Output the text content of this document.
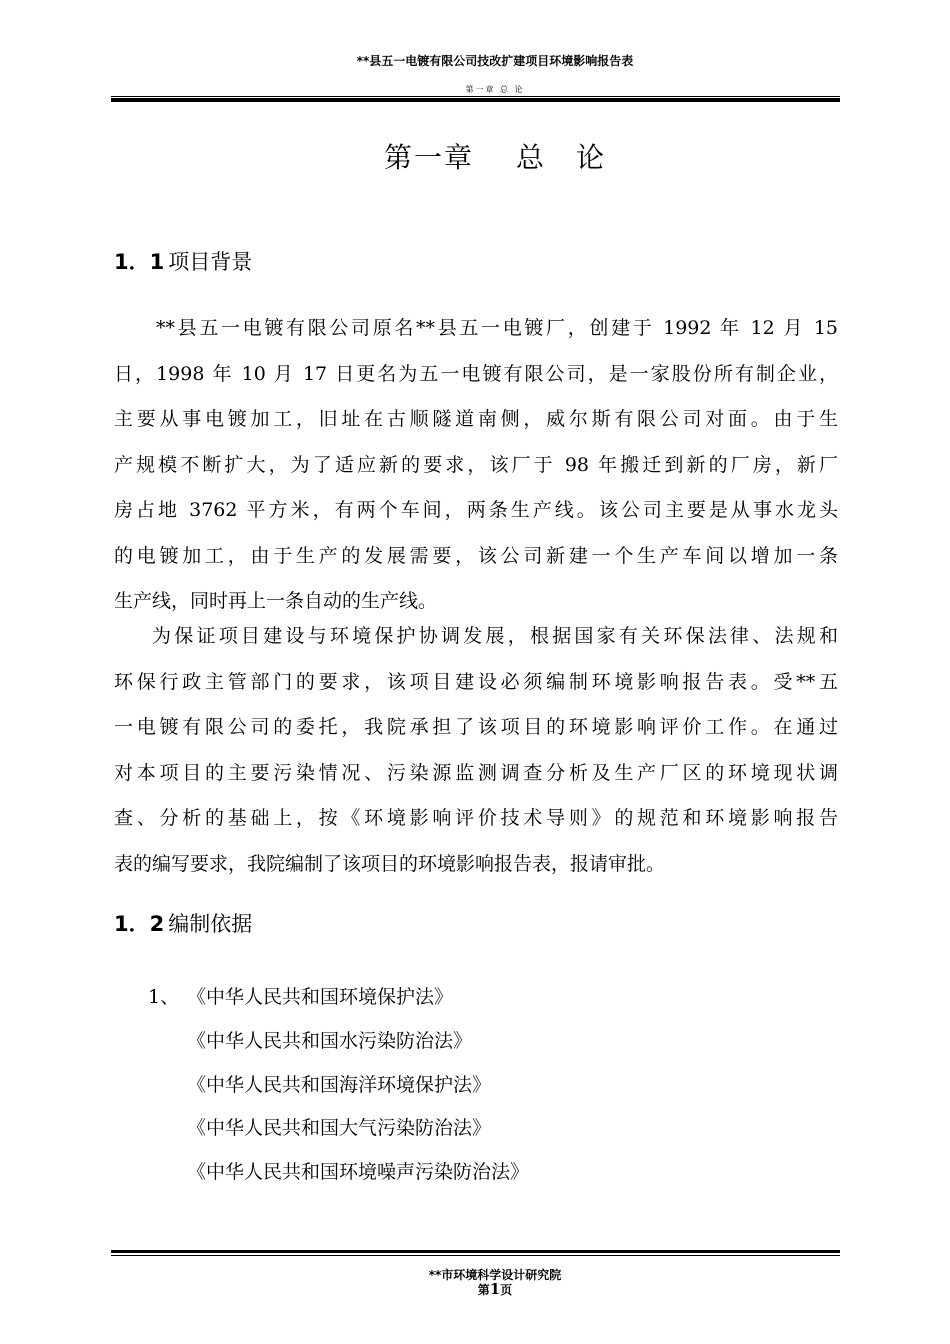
**县五一电镀有限公司技改扩建项目环境影响报告表
第一章 总 论
第一章 总 论
1．1 项目背景
**县五一电镀有限公司原名**县五一电镀厂，创建于 1992 年 12 月 15
日，1998 年 10 月 17 日更名为五一电镀有限公司，是一家股份所有制企业，
主要从事电镀加工，旧址在古顺隧道南侧，威尔斯有限公司对面。由于生
产规模不断扩大，为了适应新的要求，该厂于 98 年搬迁到新的厂房，新厂
房占地 3762 平方米，有两个车间，两条生产线。该公司主要是从事水龙头
的电镀加工，由于生产的发展需要，该公司新建一个生产车间以增加一条
生产线，同时再上一条自动的生产线。
为保证项目建设与环境保护协调发展，根据国家有关环保法律、法规和
环保行政主管部门的要求，该项目建设必须编制环境影响报告表。受**五
一电镀有限公司的委托，我院承担了该项目的环境影响评价工作。在通过
对本项目的主要污染情况、污染源监测调查分析及生产厂区的环境现状调
查、分析的基础上，按《环境影响评价技术导则》的规范和环境影响报告
表的编写要求，我院编制了该项目的环境影响报告表，报请审批。
1．2 编制依据
1、 《中华人民共和国环境保护法》
《中华人民共和国水污染防治法》
《中华人民共和国海洋环境保护法》
《中华人民共和国大气污染防治法》
《中华人民共和国环境噪声污染防治法》
**市环境科学设计研究院
第1页
